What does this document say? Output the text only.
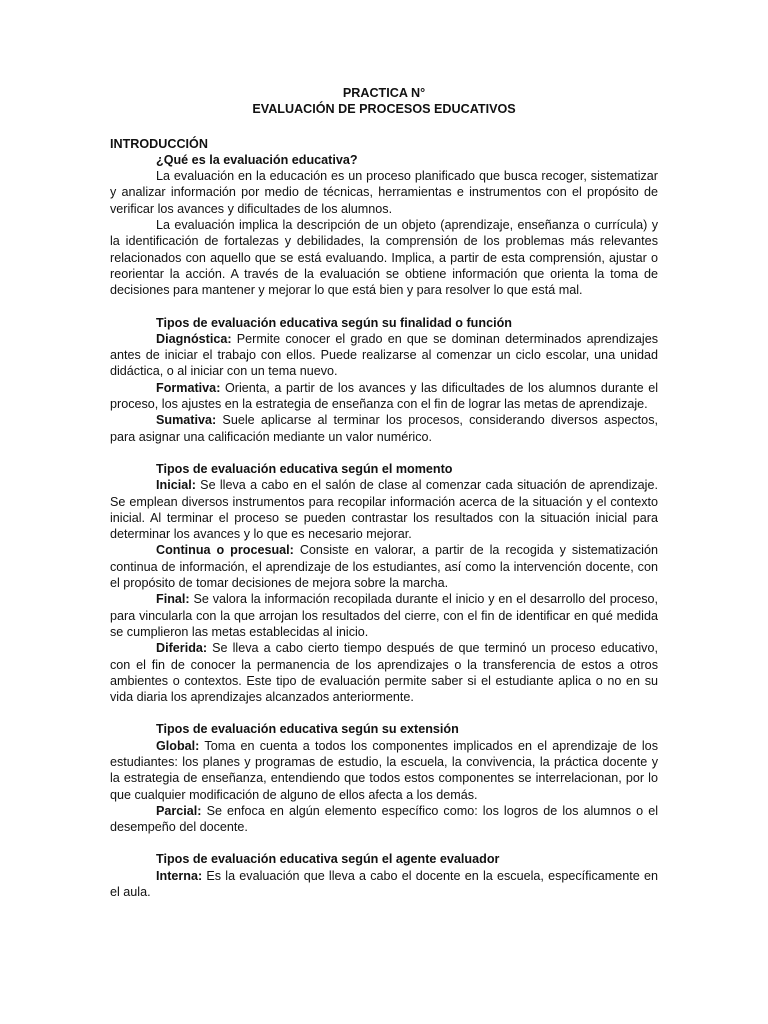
PRACTICA N°

EVALUACIÓN DE PROCESOS EDUCATIVOS

INTRODUCCIÓN

¿Qué es la evaluación educativa?

La evaluación en la educación es un proceso planificado que busca recoger, sistematizar y analizar información por medio de técnicas, herramientas e instrumentos con el propósito de verificar los avances y dificultades de los alumnos.

La evaluación implica la descripción de un objeto (aprendizaje, enseñanza o currícula) y la identificación de fortalezas y debilidades, la comprensión de los problemas más relevantes relacionados con aquello que se está evaluando. Implica, a partir de esta comprensión, ajustar o reorientar la acción. A través de la evaluación se obtiene información que orienta la toma de decisiones para mantener y mejorar lo que está bien y para resolver lo que está mal.

Tipos de evaluación educativa según su finalidad o función

Diagnóstica: Permite conocer el grado en que se dominan determinados aprendizajes antes de iniciar el trabajo con ellos. Puede realizarse al comenzar un ciclo escolar, una unidad didáctica, o al iniciar con un tema nuevo.

Formativa: Orienta, a partir de los avances y las dificultades de los alumnos durante el proceso, los ajustes en la estrategia de enseñanza con el fin de lograr las metas de aprendizaje.

Sumativa: Suele aplicarse al terminar los procesos, considerando diversos aspectos, para asignar una calificación mediante un valor numérico.

Tipos de evaluación educativa según el momento

Inicial: Se lleva a cabo en el salón de clase al comenzar cada situación de aprendizaje. Se emplean diversos instrumentos para recopilar información acerca de la situación y el contexto inicial. Al terminar el proceso se pueden contrastar los resultados con la situación inicial para determinar los avances y lo que es necesario mejorar.

Continua o procesual: Consiste en valorar, a partir de la recogida y sistematización continua de información, el aprendizaje de los estudiantes, así como la intervención docente, con el propósito de tomar decisiones de mejora sobre la marcha.

Final: Se valora la información recopilada durante el inicio y en el desarrollo del proceso, para vincularla con la que arrojan los resultados del cierre, con el fin de identificar en qué medida se cumplieron las metas establecidas al inicio.

Diferida: Se lleva a cabo cierto tiempo después de que terminó un proceso educativo, con el fin de conocer la permanencia de los aprendizajes o la transferencia de estos a otros ambientes o contextos. Este tipo de evaluación permite saber si el estudiante aplica o no en su vida diaria los aprendizajes alcanzados anteriormente.

Tipos de evaluación educativa según su extensión

Global: Toma en cuenta a todos los componentes implicados en el aprendizaje de los estudiantes: los planes y programas de estudio, la escuela, la convivencia, la práctica docente y la estrategia de enseñanza, entendiendo que todos estos componentes se interrelacionan, por lo que cualquier modificación de alguno de ellos afecta a los demás.

Parcial: Se enfoca en algún elemento específico como: los logros de los alumnos o el desempeño del docente.

Tipos de evaluación educativa según el agente evaluador

Interna: Es la evaluación que lleva a cabo el docente en la escuela, específicamente en el aula.
